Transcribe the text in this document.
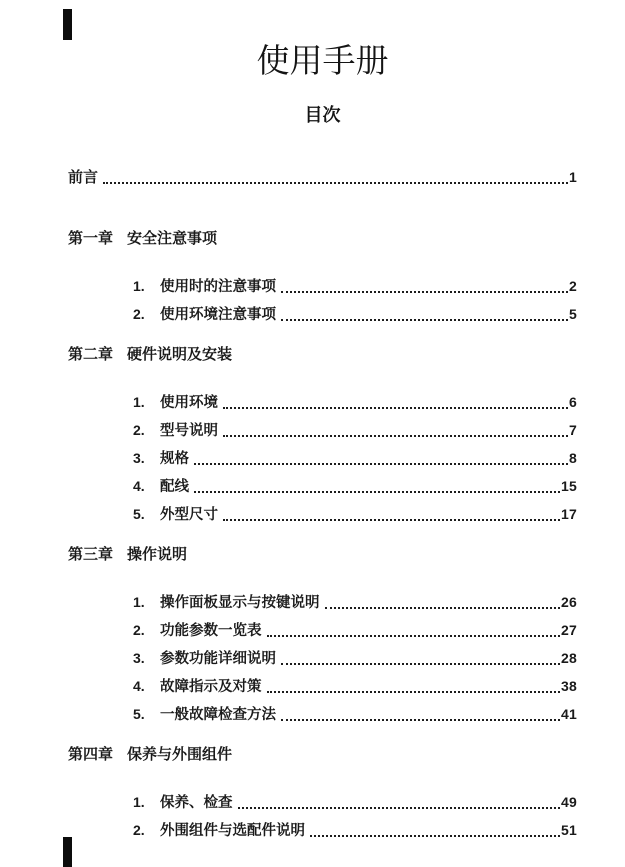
使用手册
目次
前言	1
第一章 安全注意事项
1.	使用时的注意事项	2
2.	使用环境注意事项	5
第二章 硬件说明及安装
1.	使用环境	6
2.	型号说明	7
3.	规格	8
4.	配线	15
5.	外型尺寸	17
第三章 操作说明
1.	操作面板显示与按键说明	26
2.	功能参数一览表	27
3.	参数功能详细说明	28
4.	故障指示及对策	38
5.	一般故障检查方法	41
第四章 保养与外围组件
1.	保养、检查	49
2.	外围组件与选配件说明	51
